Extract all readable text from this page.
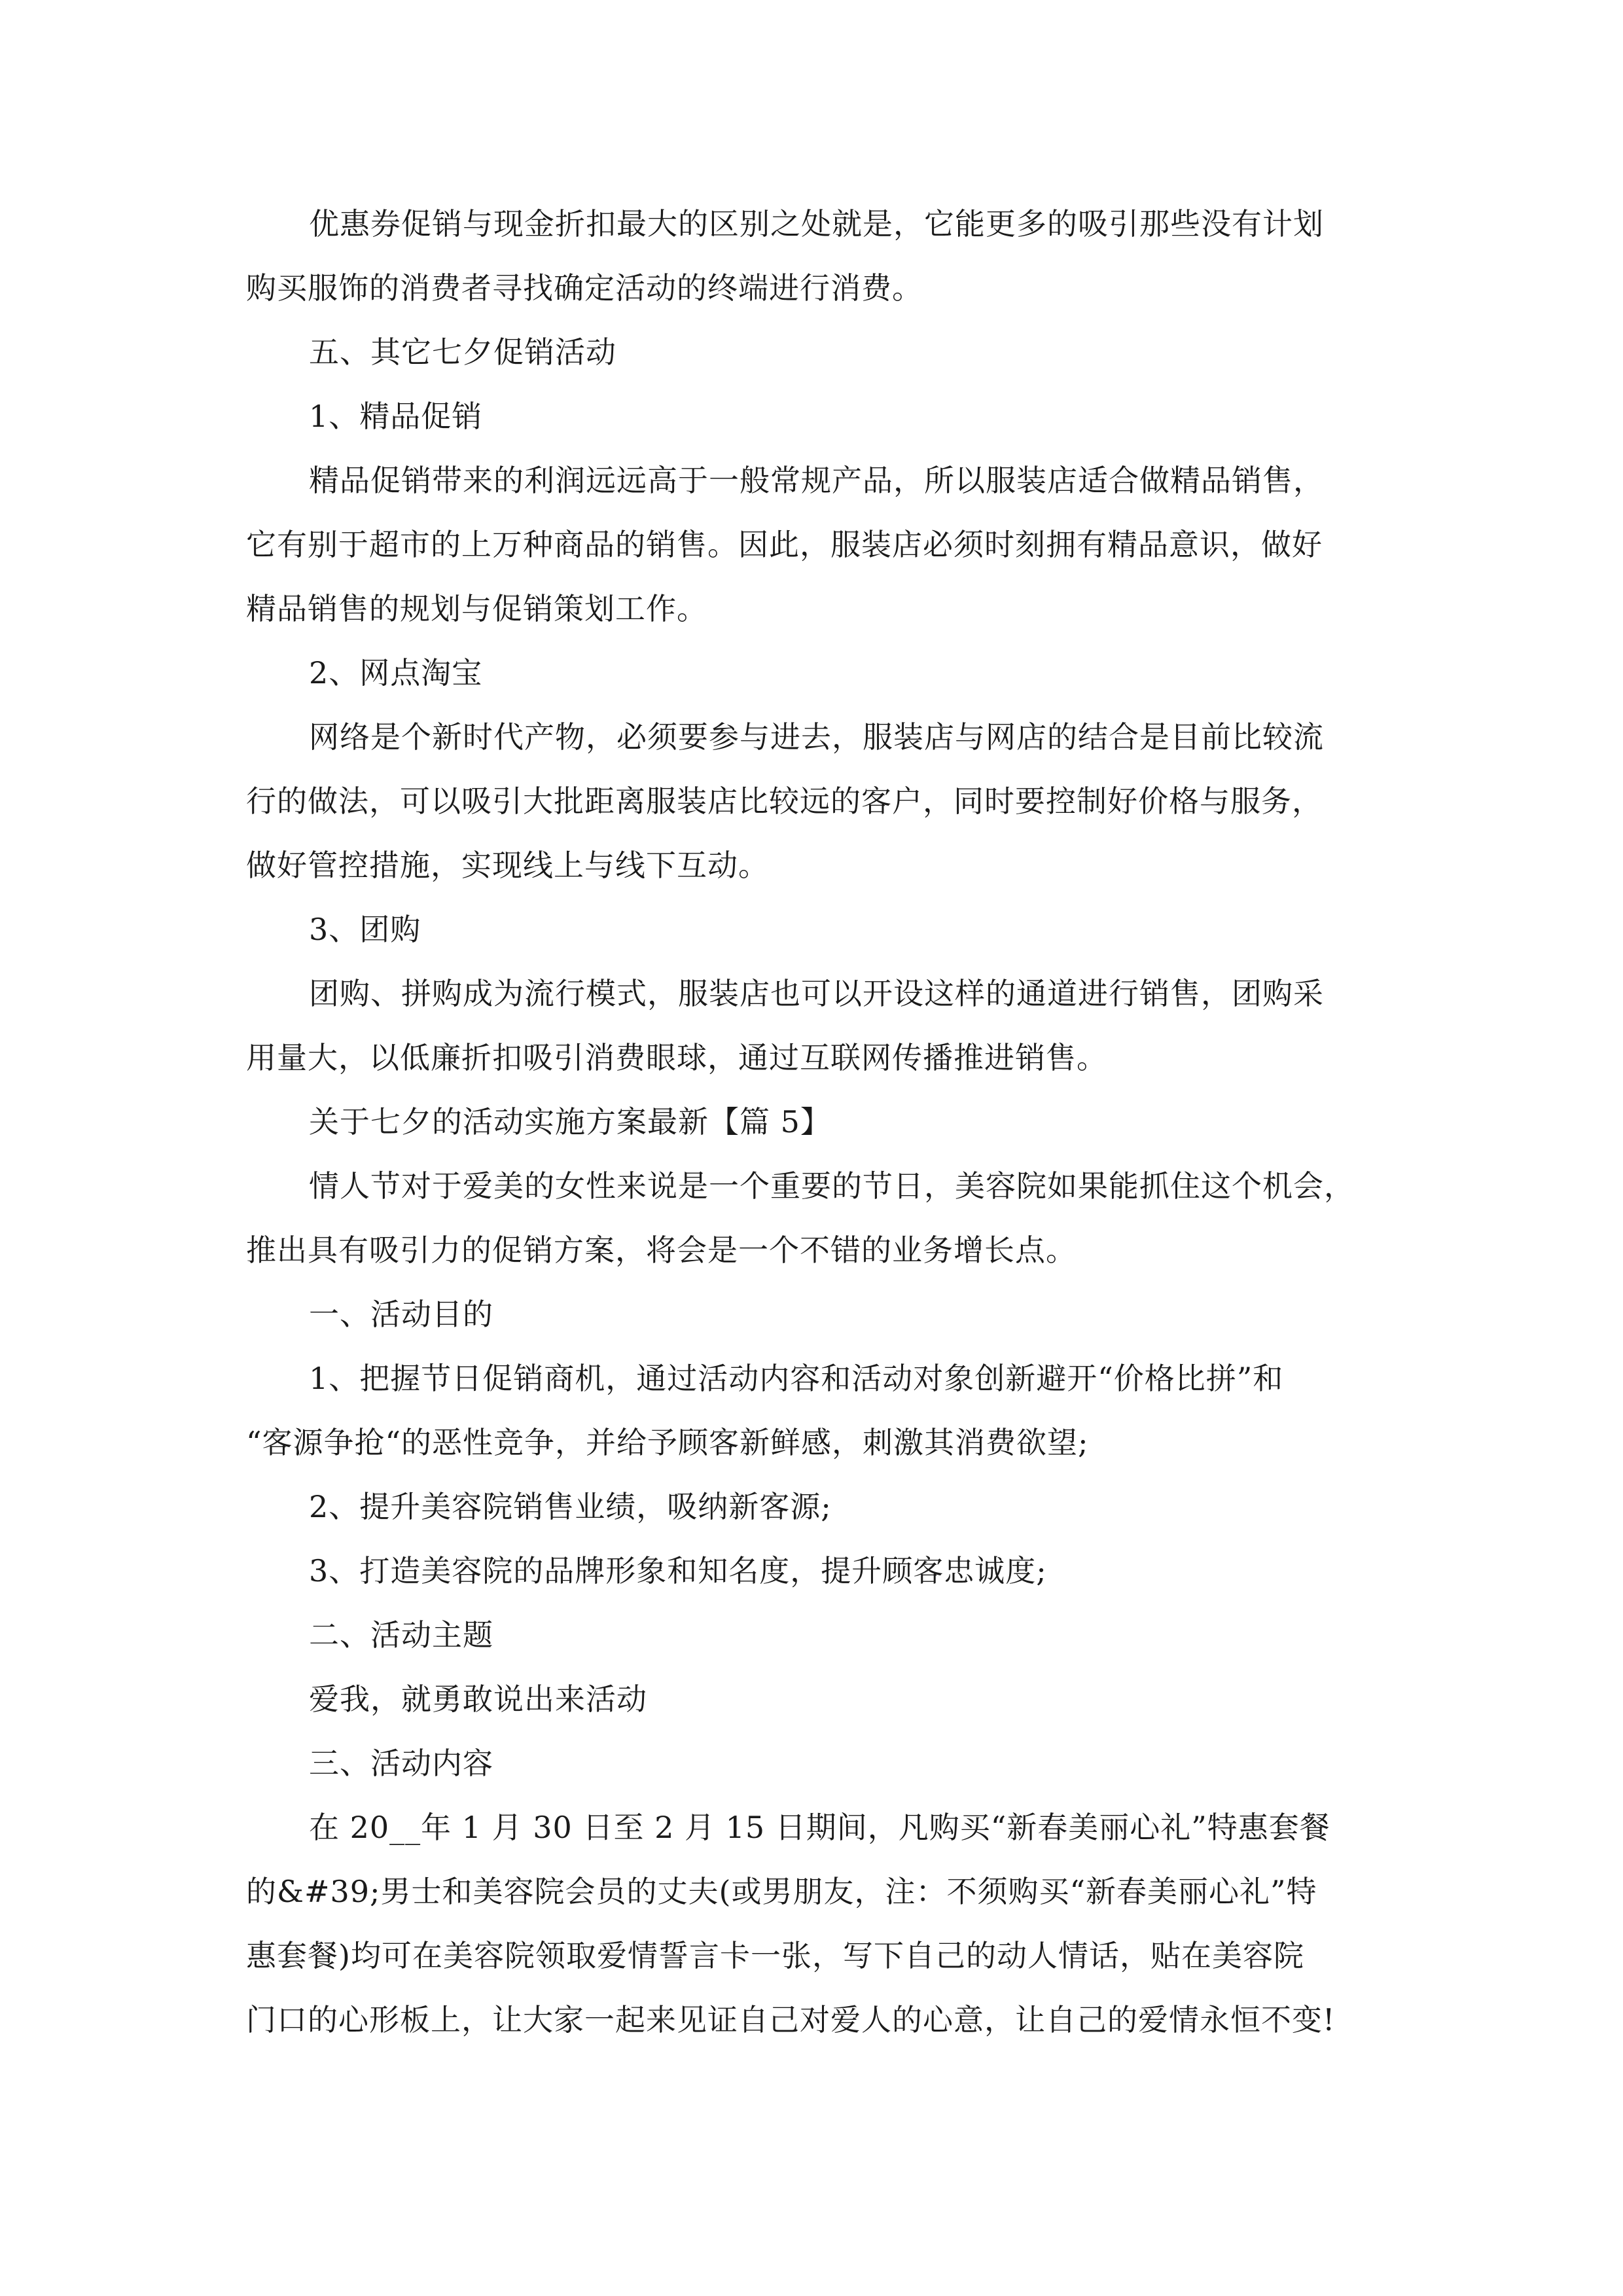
优惠券促销与现金折扣最大的区别之处就是，它能更多的吸引那些没有计划
购买服饰的消费者寻找确定活动的终端进行消费。
五、其它七夕促销活动
1、精品促销
精品促销带来的利润远远高于一般常规产品，所以服装店适合做精品销售，
它有别于超市的上万种商品的销售。因此，服装店必须时刻拥有精品意识，做好
精品销售的规划与促销策划工作。
2、网点淘宝
网络是个新时代产物，必须要参与进去，服装店与网店的结合是目前比较流
行的做法，可以吸引大批距离服装店比较远的客户，同时要控制好价格与服务，
做好管控措施，实现线上与线下互动。
3、团购
团购、拼购成为流行模式，服装店也可以开设这样的通道进行销售，团购采
用量大，以低廉折扣吸引消费眼球，通过互联网传播推进销售。
关于七夕的活动实施方案最新【篇 5】
情人节对于爱美的女性来说是一个重要的节日，美容院如果能抓住这个机会，
推出具有吸引力的促销方案，将会是一个不错的业务增长点。
一、活动目的
1、把握节日促销商机，通过活动内容和活动对象创新避开“价格比拼”和
“客源争抢“的恶性竞争，并给予顾客新鲜感，刺激其消费欲望;
2、提升美容院销售业绩，吸纳新客源;
3、打造美容院的品牌形象和知名度，提升顾客忠诚度;
二、活动主题
爱我，就勇敢说出来活动
三、活动内容
在 20__年 1 月 30 日至 2 月 15 日期间，凡购买“新春美丽心礼”特惠套餐
的&#39;男士和美容院会员的丈夫(或男朋友，注：不须购买“新春美丽心礼”特
惠套餐)均可在美容院领取爱情誓言卡一张，写下自己的动人情话，贴在美容院
门口的心形板上，让大家一起来见证自己对爱人的心意，让自己的爱情永恒不变!
